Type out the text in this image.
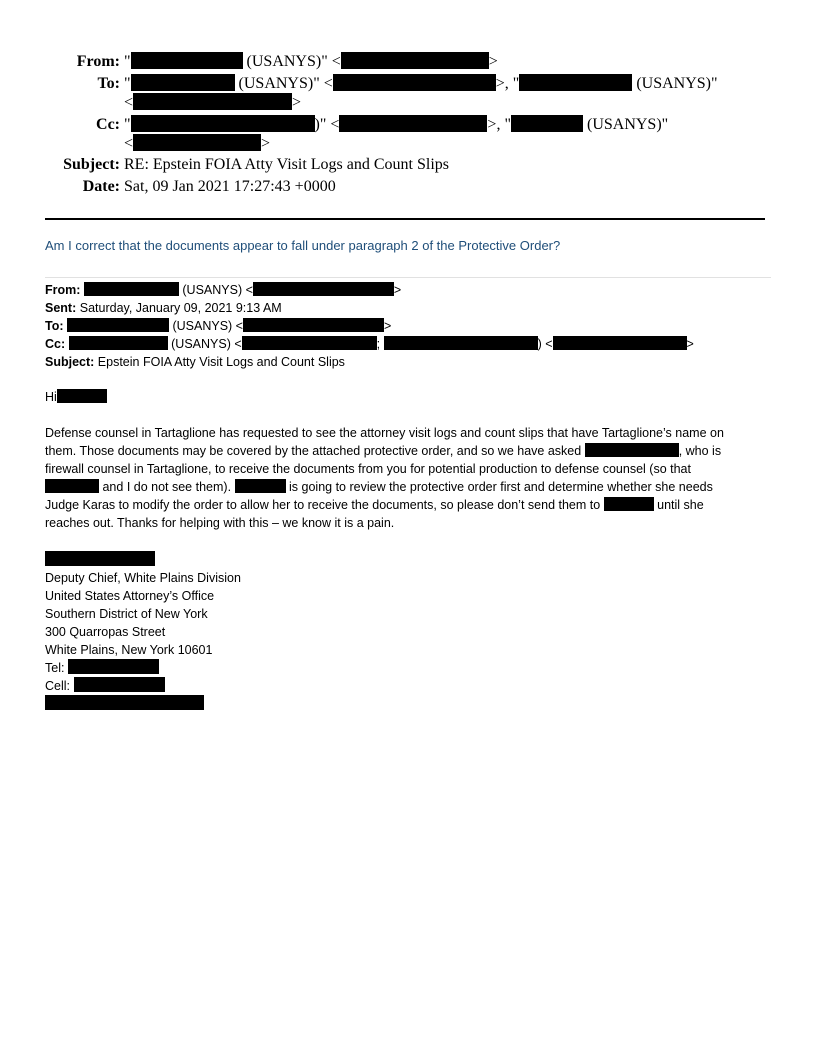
From: "	(USANYS)" <	>
To: "	(USANYS)" <	>, "	(USANYS)"
<	>
Cc: "	)" <	>, "	(USANYS)"
<	>
Subject: RE: Epstein FOIA Atty Visit Logs and Count Slips
Date: Sat, 09 Jan 2021 17:27:43 +0000
Am I correct that the documents appear to fall under paragraph 2 of the Protective Order?
From:	(USANYS) <	>
Sent: Saturday, January 09, 2021 9:13 AM
To:	(USANYS) <	>
Cc:	(USANYS) <	;	) <	>
Subject: Epstein FOIA Atty Visit Logs and Count Slips
Hi
Defense counsel in Tartaglione has requested to see the attorney visit logs and count slips that have Tartaglione’s name on
them. Those documents may be covered by the attached protective order, and so we have asked	, who is
firewall counsel in Tartaglione, to receive the documents from you for potential production to defense counsel (so that
and I do not see them).	is going to review the protective order first and determine whether she needs
Judge Karas to modify the order to allow her to receive the documents, so please don’t send them to	until she
reaches out. Thanks for helping with this – we know it is a pain.
Deputy Chief, White Plains Division
United States Attorney’s Office
Southern District of New York
300 Quarropas Street
White Plains, New York 10601
Tel:
Cell:
